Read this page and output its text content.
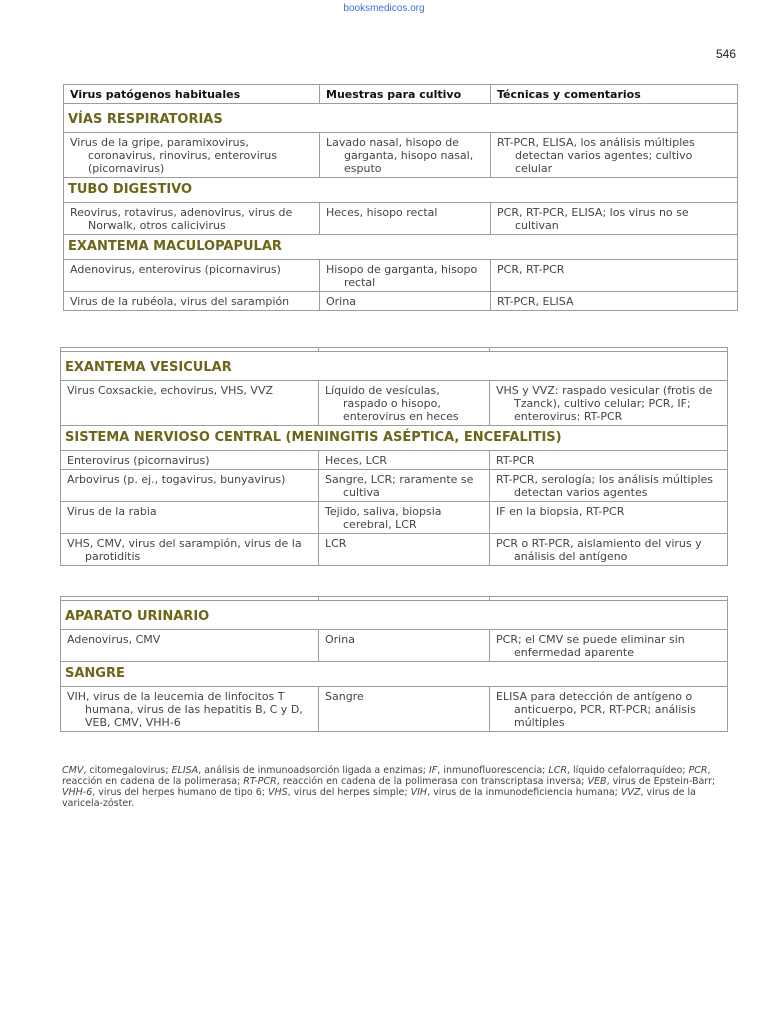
booksmedicos.org
546
Virus patógenos habituales	Muestras para cultivo	Técnicas y comentarios
VÍAS RESPIRATORIAS		

Virus de la gripe, paramixovirus, coronavirus, rinovirus, enterovirus (picornavirus)	Lavado nasal, hisopo de garganta, hisopo nasal, esputo	RT-PCR, ELISA, los análisis múltiples detectan varios agentes; cultivo celular

TUBO DIGESTIVO		

Reovirus, rotavirus, adenovirus, virus de Norwalk, otros calicivirus	Heces, hisopo rectal	PCR, RT-PCR, ELISA; los virus no se cultivan

EXANTEMA MACULOPAPULAR		

Adenovirus, enterovirus (picornavirus)	Hisopo de garganta, hisopo rectal	PCR, RT-PCR

Virus de la rubéola, virus del sarampión	Orina	RT-PCR, ELISA

EXANTEMA VESICULAR		

Virus Coxsackie, echovirus, VHS, VVZ	Líquido de vesículas, raspado o hisopo, enterovirus en heces	VHS y VVZ: raspado vesicular (frotis de Tzanck), cultivo celular; PCR, IF; enterovirus: RT-PCR

SISTEMA NERVIOSO CENTRAL (MENINGITIS ASÉPTICA, ENCEFALITIS)		

Enterovirus (picornavirus)	Heces, LCR	RT-PCR

Arbovirus (p. ej., togavirus, bunyavirus)	Sangre, LCR; raramente se cultiva	RT-PCR, serología; los análisis múltiples detectan varios agentes

Virus de la rabia	Tejido, saliva, biopsia cerebral, LCR	IF en la biopsia, RT-PCR

VHS, CMV, virus del sarampión, virus de la parotiditis	LCR	PCR o RT-PCR, aislamiento del virus y análisis del antígeno

APARATO URINARIO		

Adenovirus, CMV	Orina	PCR; el CMV se puede eliminar sin enfermedad aparente

SANGRE		

VIH, virus de la leucemia de linfocitos T humana, virus de las hepatitis B, C y D, VEB, CMV, VHH-6	Sangre	ELISA para detección de antígeno o anticuerpo, PCR, RT-PCR; análisis múltiples
CMV, citomegalovirus; ELISA, análisis de inmunoadsorción ligada a enzimas; IF, inmunofluorescencia; LCR, líquido cefalorraquídeo; PCR, reacción en cadena de la polimerasa; RT-PCR, reacción en cadena de la polimerasa con transcriptasa inversa; VEB, virus de Epstein-Barr; VHH-6, virus del herpes humano de tipo 6; VHS, virus del herpes simple; VIH, virus de la inmunodeficiencia humana; VVZ, virus de la varicela-zóster.
